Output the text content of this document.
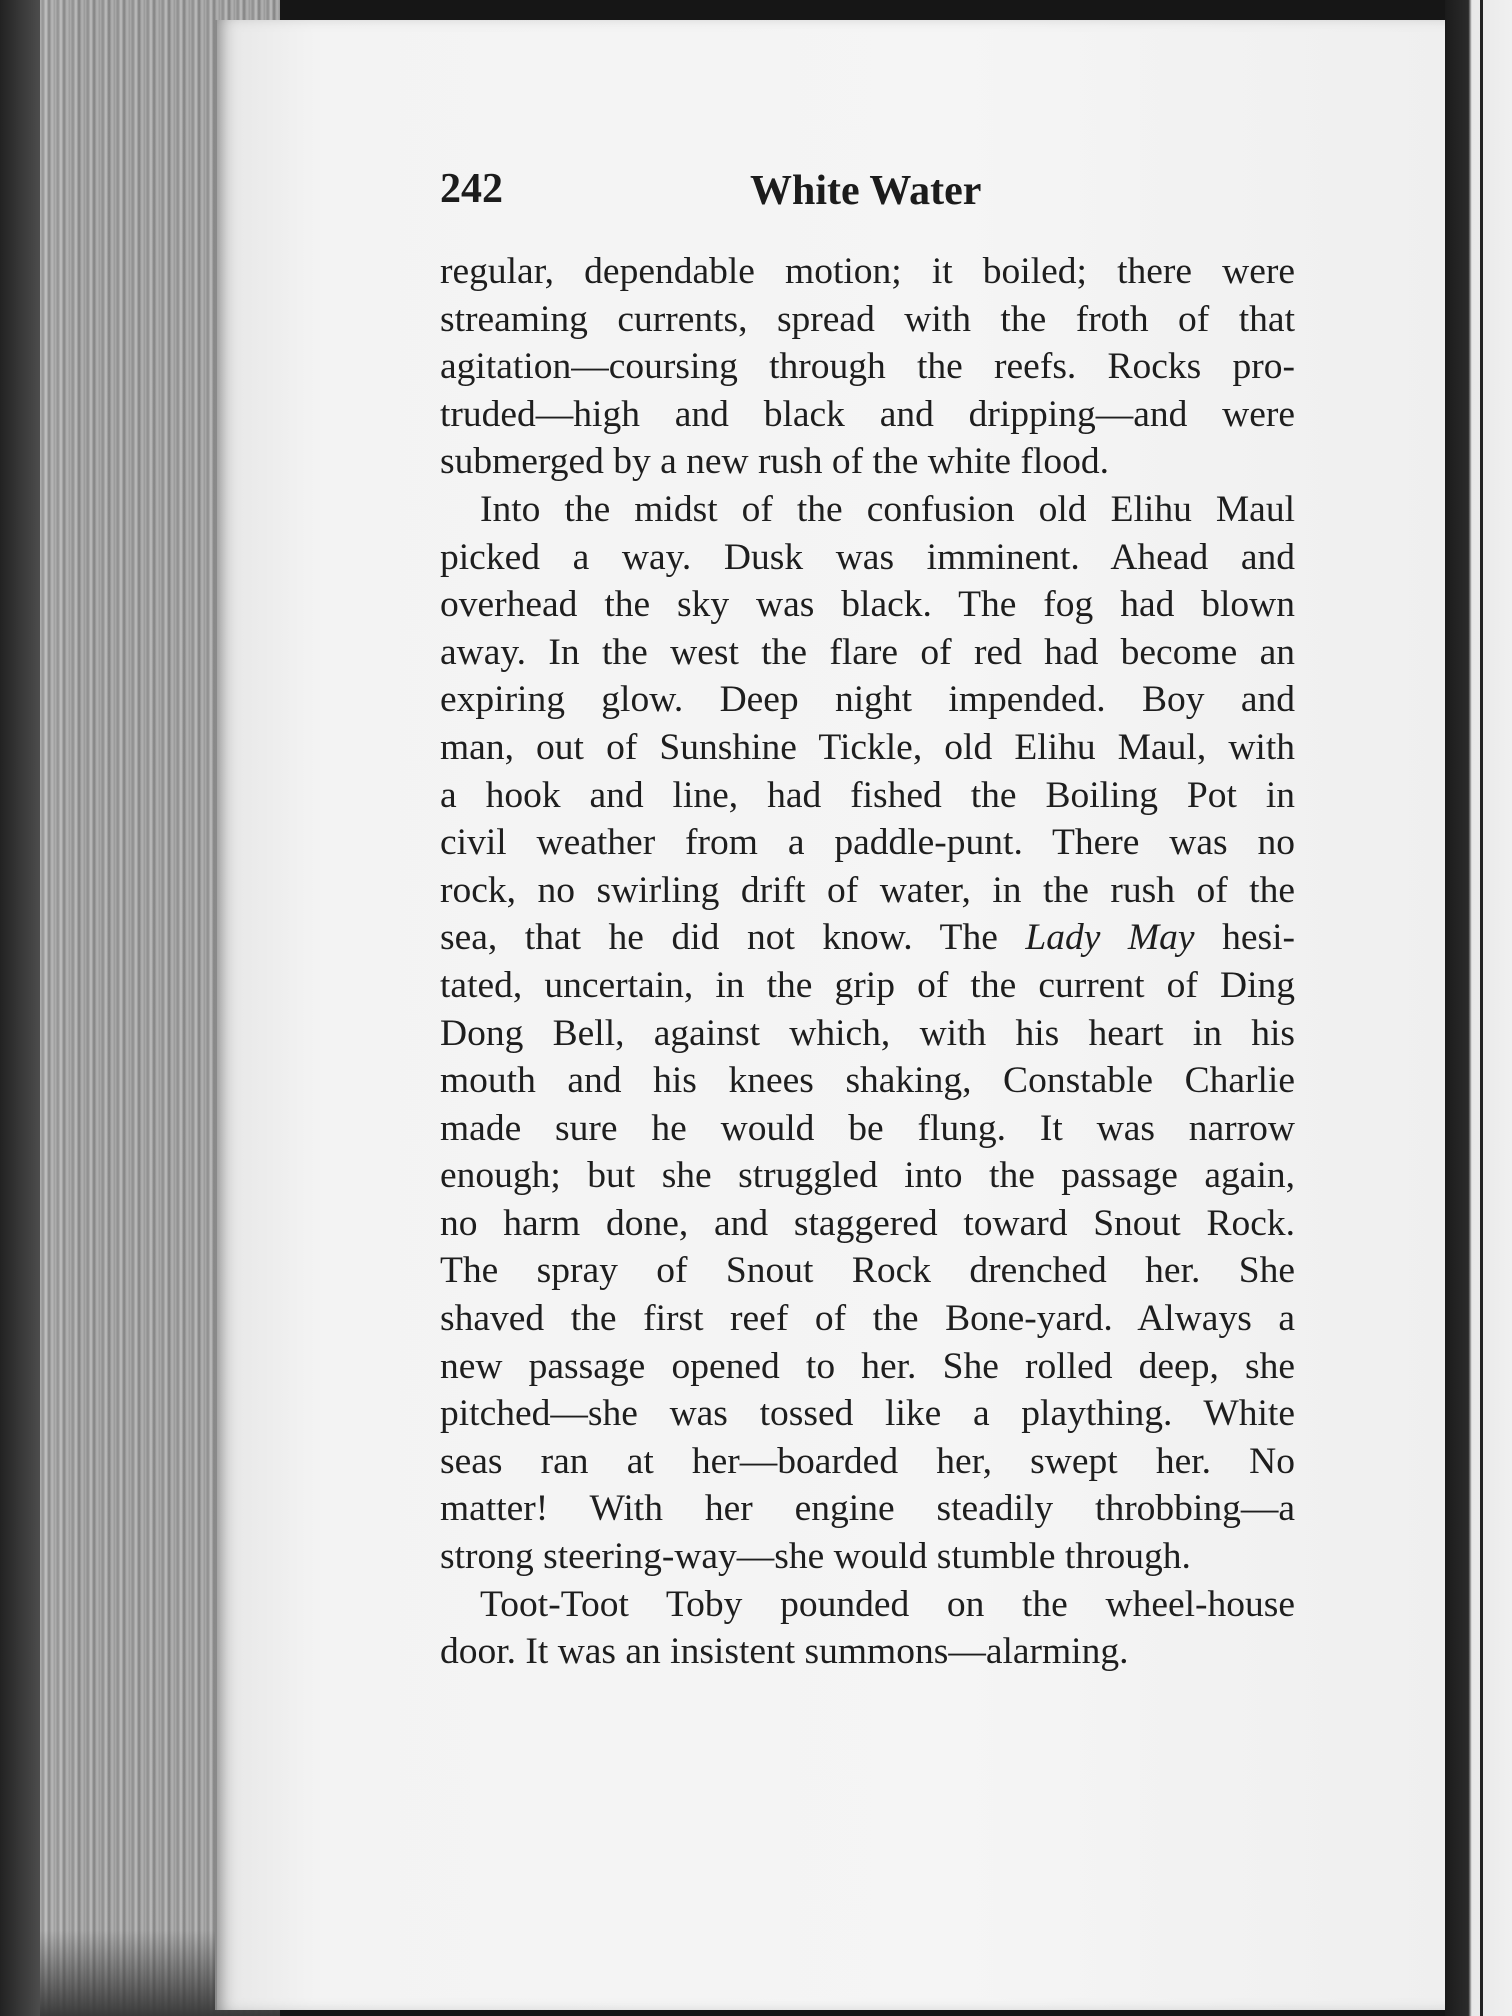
242	White Water
regular, dependable motion; it boiled; there were
streaming currents, spread with the froth of that
agitation—coursing through the reefs. Rocks pro-
truded—high and black and dripping—and were
submerged by a new rush of the white flood.
Into the midst of the confusion old Elihu Maul
picked a way. Dusk was imminent. Ahead and
overhead the sky was black. The fog had blown
away. In the west the flare of red had become an
expiring glow. Deep night impended. Boy and
man, out of Sunshine Tickle, old Elihu Maul, with
a hook and line, had fished the Boiling Pot in
civil weather from a paddle-punt. There was no
rock, no swirling drift of water, in the rush of the
sea, that he did not know. The Lady May hesi-
tated, uncertain, in the grip of the current of Ding
Dong Bell, against which, with his heart in his
mouth and his knees shaking, Constable Charlie
made sure he would be flung. It was narrow
enough; but she struggled into the passage again,
no harm done, and staggered toward Snout Rock.
The spray of Snout Rock drenched her. She
shaved the first reef of the Bone-yard. Always a
new passage opened to her. She rolled deep, she
pitched—she was tossed like a plaything. White
seas ran at her—boarded her, swept her. No
matter! With her engine steadily throbbing—a
strong steering-way—she would stumble through.
Toot-Toot Toby pounded on the wheel-house
door. It was an insistent summons—alarming.
